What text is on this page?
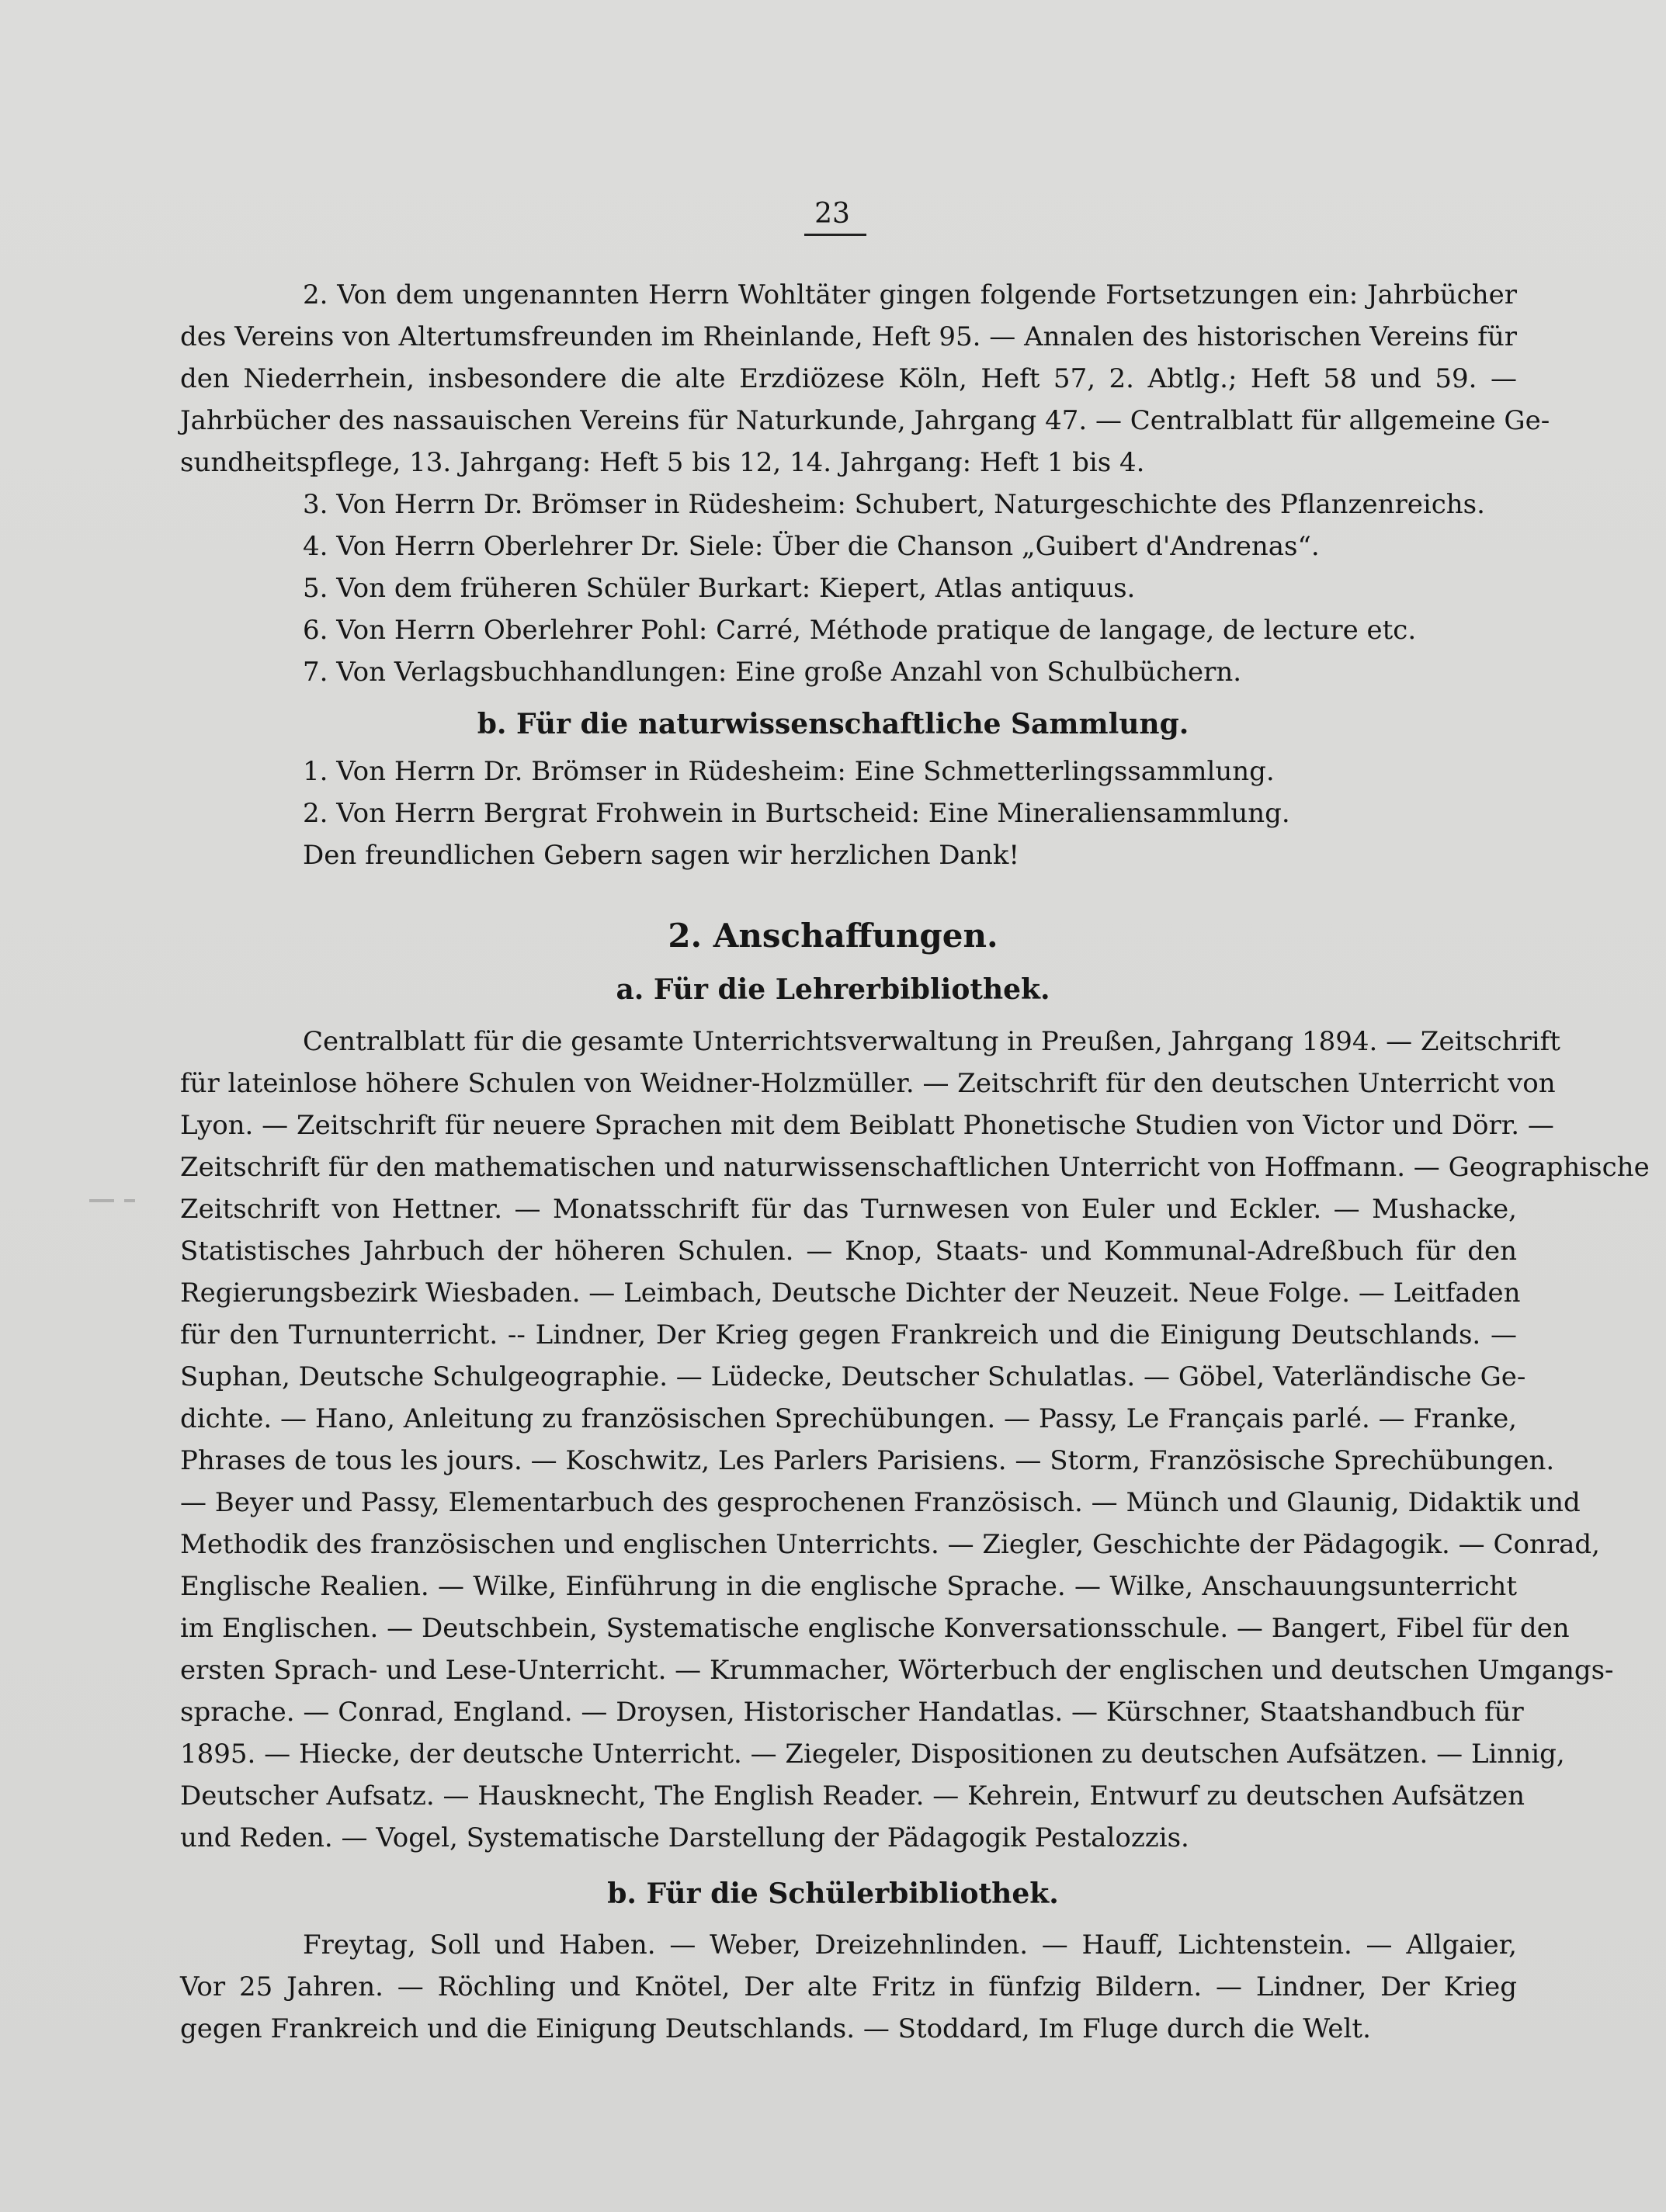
23
2. Von dem ungenannten Herrn Wohltäter gingen folgende Fortsetzungen ein: Jahrbücher
des Vereins von Altertumsfreunden im Rheinlande, Heft 95. — Annalen des historischen Vereins für
den Niederrhein, insbesondere die alte Erzdiözese Köln, Heft 57, 2. Abtlg.; Heft 58 und 59. —
Jahrbücher des nassauischen Vereins für Naturkunde, Jahrgang 47. — Centralblatt für allgemeine Ge-
sundheitspflege, 13. Jahrgang: Heft 5 bis 12, 14. Jahrgang: Heft 1 bis 4.
3. Von Herrn Dr. Brömser in Rüdesheim: Schubert, Naturgeschichte des Pflanzenreichs.
4. Von Herrn Oberlehrer Dr. Siele: Über die Chanson „Guibert d'Andrenas“.
5. Von dem früheren Schüler Burkart: Kiepert, Atlas antiquus.
6. Von Herrn Oberlehrer Pohl: Carré, Méthode pratique de langage, de lecture etc.
7. Von Verlagsbuchhandlungen: Eine große Anzahl von Schulbüchern.
b. Für die naturwissenschaftliche Sammlung.
1. Von Herrn Dr. Brömser in Rüdesheim: Eine Schmetterlingssammlung.
2. Von Herrn Bergrat Frohwein in Burtscheid: Eine Mineraliensammlung.
Den freundlichen Gebern sagen wir herzlichen Dank!
2. Anschaffungen.
a. Für die Lehrerbibliothek.
Centralblatt für die gesamte Unterrichtsverwaltung in Preußen, Jahrgang 1894. — Zeitschrift
für lateinlose höhere Schulen von Weidner-Holzmüller. — Zeitschrift für den deutschen Unterricht von
Lyon. — Zeitschrift für neuere Sprachen mit dem Beiblatt Phonetische Studien von Victor und Dörr. —
Zeitschrift für den mathematischen und naturwissenschaftlichen Unterricht von Hoffmann. — Geographische
Zeitschrift von Hettner. — Monatsschrift für das Turnwesen von Euler und Eckler. — Mushacke,
Statistisches Jahrbuch der höheren Schulen. — Knop, Staats- und Kommunal-Adreßbuch für den
Regierungsbezirk Wiesbaden. — Leimbach, Deutsche Dichter der Neuzeit. Neue Folge. — Leitfaden
für den Turnunterricht. -- Lindner, Der Krieg gegen Frankreich und die Einigung Deutschlands. —
Suphan, Deutsche Schulgeographie. — Lüdecke, Deutscher Schulatlas. — Göbel, Vaterländische Ge-
dichte. — Hano, Anleitung zu französischen Sprechübungen. — Passy, Le Français parlé. — Franke,
Phrases de tous les jours. — Koschwitz, Les Parlers Parisiens. — Storm, Französische Sprechübungen.
— Beyer und Passy, Elementarbuch des gesprochenen Französisch. — Münch und Glaunig, Didaktik und
Methodik des französischen und englischen Unterrichts. — Ziegler, Geschichte der Pädagogik. — Conrad,
Englische Realien. — Wilke, Einführung in die englische Sprache. — Wilke, Anschauungsunterricht
im Englischen. — Deutschbein, Systematische englische Konversationsschule. — Bangert, Fibel für den
ersten Sprach- und Lese-Unterricht. — Krummacher, Wörterbuch der englischen und deutschen Umgangs-
sprache. — Conrad, England. — Droysen, Historischer Handatlas. — Kürschner, Staatshandbuch für
1895. — Hiecke, der deutsche Unterricht. — Ziegeler, Dispositionen zu deutschen Aufsätzen. — Linnig,
Deutscher Aufsatz. — Hausknecht, The English Reader. — Kehrein, Entwurf zu deutschen Aufsätzen
und Reden. — Vogel, Systematische Darstellung der Pädagogik Pestalozzis.
b. Für die Schülerbibliothek.
Freytag, Soll und Haben. — Weber, Dreizehnlinden. — Hauff, Lichtenstein. — Allgaier,
Vor 25 Jahren. — Röchling und Knötel, Der alte Fritz in fünfzig Bildern. — Lindner, Der Krieg
gegen Frankreich und die Einigung Deutschlands. — Stoddard, Im Fluge durch die Welt.
